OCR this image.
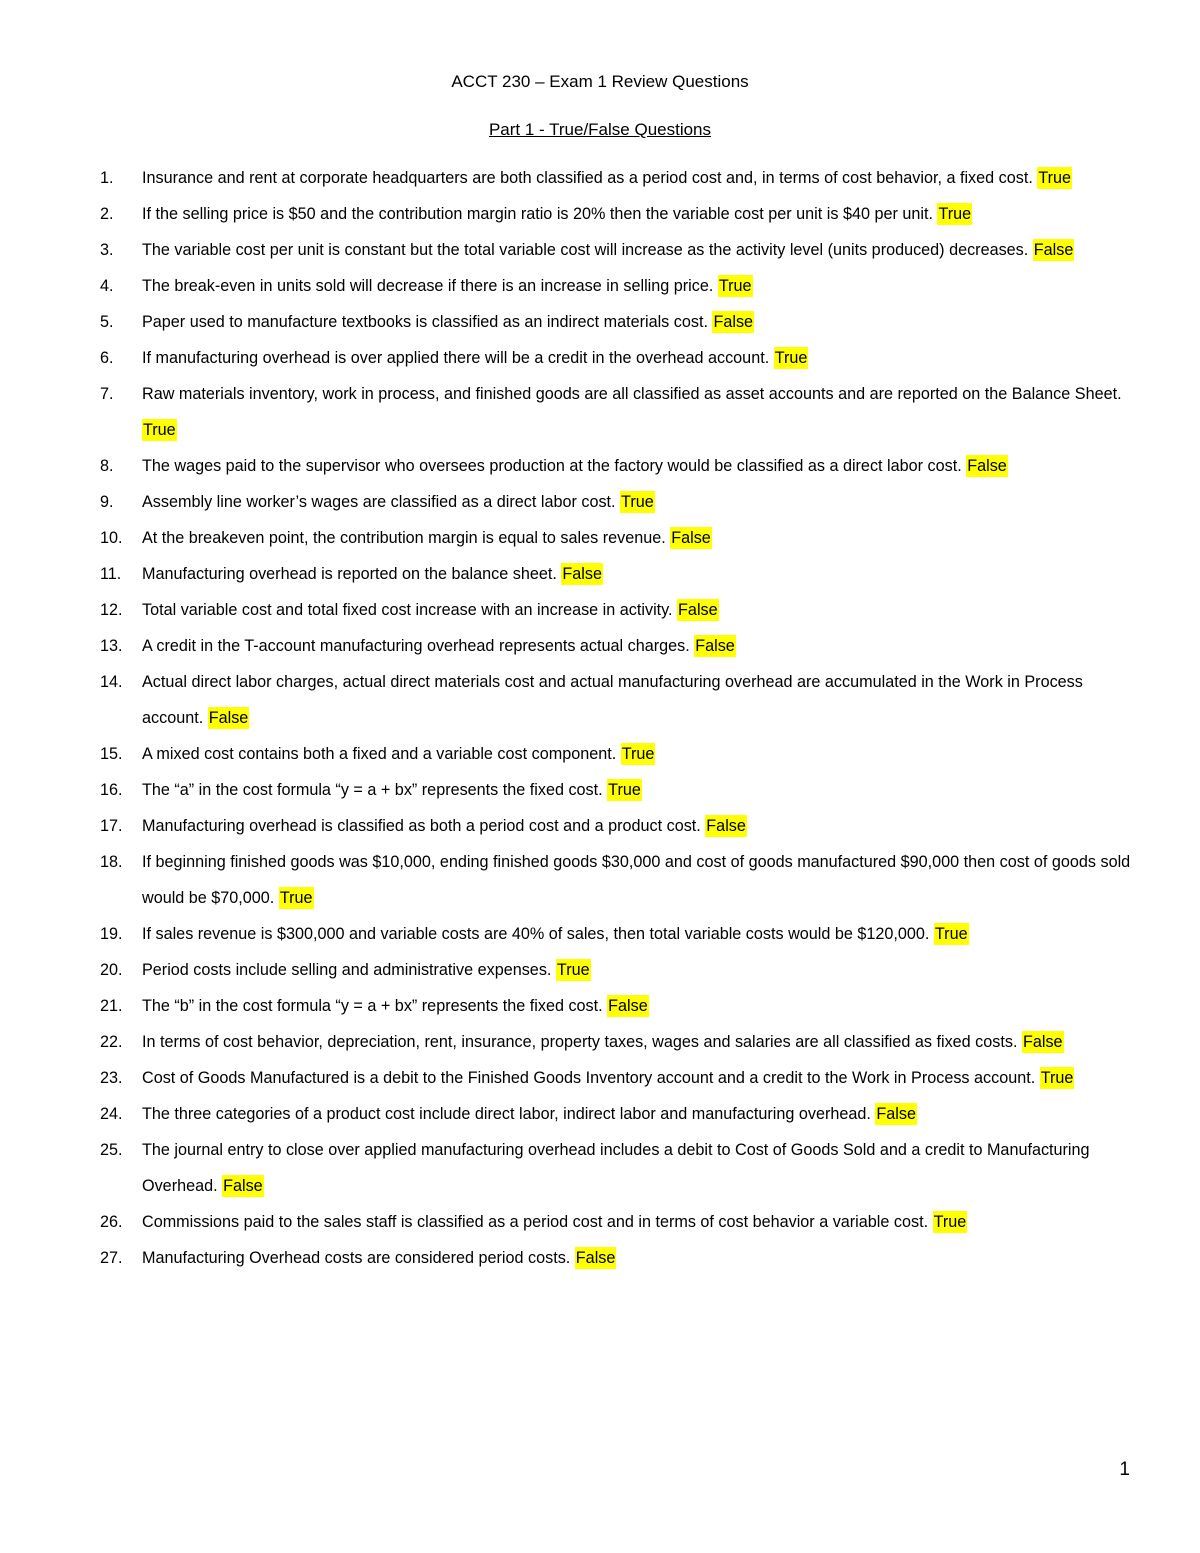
ACCT 230 – Exam 1 Review Questions
Part 1 - True/False Questions
1.	Insurance and rent at corporate headquarters are both classified as a period cost and, in terms of cost behavior, a fixed cost. True
2.	If the selling price is $50 and the contribution margin ratio is 20% then the variable cost per unit is $40 per unit. True
3.	The variable cost per unit is constant but the total variable cost will increase as the activity level (units produced) decreases. False
4.	The break-even in units sold will decrease if there is an increase in selling price. True
5.	Paper used to manufacture textbooks is classified as an indirect materials cost. False
6.	If manufacturing overhead is over applied there will be a credit in the overhead account. True
7.	Raw materials inventory, work in process, and finished goods are all classified as asset accounts and are reported on the Balance Sheet. True
8.	The wages paid to the supervisor who oversees production at the factory would be classified as a direct labor cost. False
9.	Assembly line worker’s wages are classified as a direct labor cost. True
10.	At the breakeven point, the contribution margin is equal to sales revenue. False
11.	Manufacturing overhead is reported on the balance sheet. False
12.	Total variable cost and total fixed cost increase with an increase in activity. False
13.	A credit in the T-account manufacturing overhead represents actual charges. False
14.	Actual direct labor charges, actual direct materials cost and actual manufacturing overhead are accumulated in the Work in Process account. False
15.	A mixed cost contains both a fixed and a variable cost component. True
16.	The “a” in the cost formula “y = a + bx” represents the fixed cost. True
17.	Manufacturing overhead is classified as both a period cost and a product cost. False
18.	If beginning finished goods was $10,000, ending finished goods $30,000 and cost of goods manufactured $90,000 then cost of goods sold would be $70,000. True
19.	If sales revenue is $300,000 and variable costs are 40% of sales, then total variable costs would be $120,000. True
20.	Period costs include selling and administrative expenses. True
21.	The “b” in the cost formula “y = a + bx” represents the fixed cost. False
22.	In terms of cost behavior, depreciation, rent, insurance, property taxes, wages and salaries are all classified as fixed costs. False
23.	Cost of Goods Manufactured is a debit to the Finished Goods Inventory account and a credit to the Work in Process account. True
24.	The three categories of a product cost include direct labor, indirect labor and manufacturing overhead. False
25.	The journal entry to close over applied manufacturing overhead includes a debit to Cost of Goods Sold and a credit to Manufacturing Overhead. False
26.	Commissions paid to the sales staff is classified as a period cost and in terms of cost behavior a variable cost. True
27.	Manufacturing Overhead costs are considered period costs. False
1
